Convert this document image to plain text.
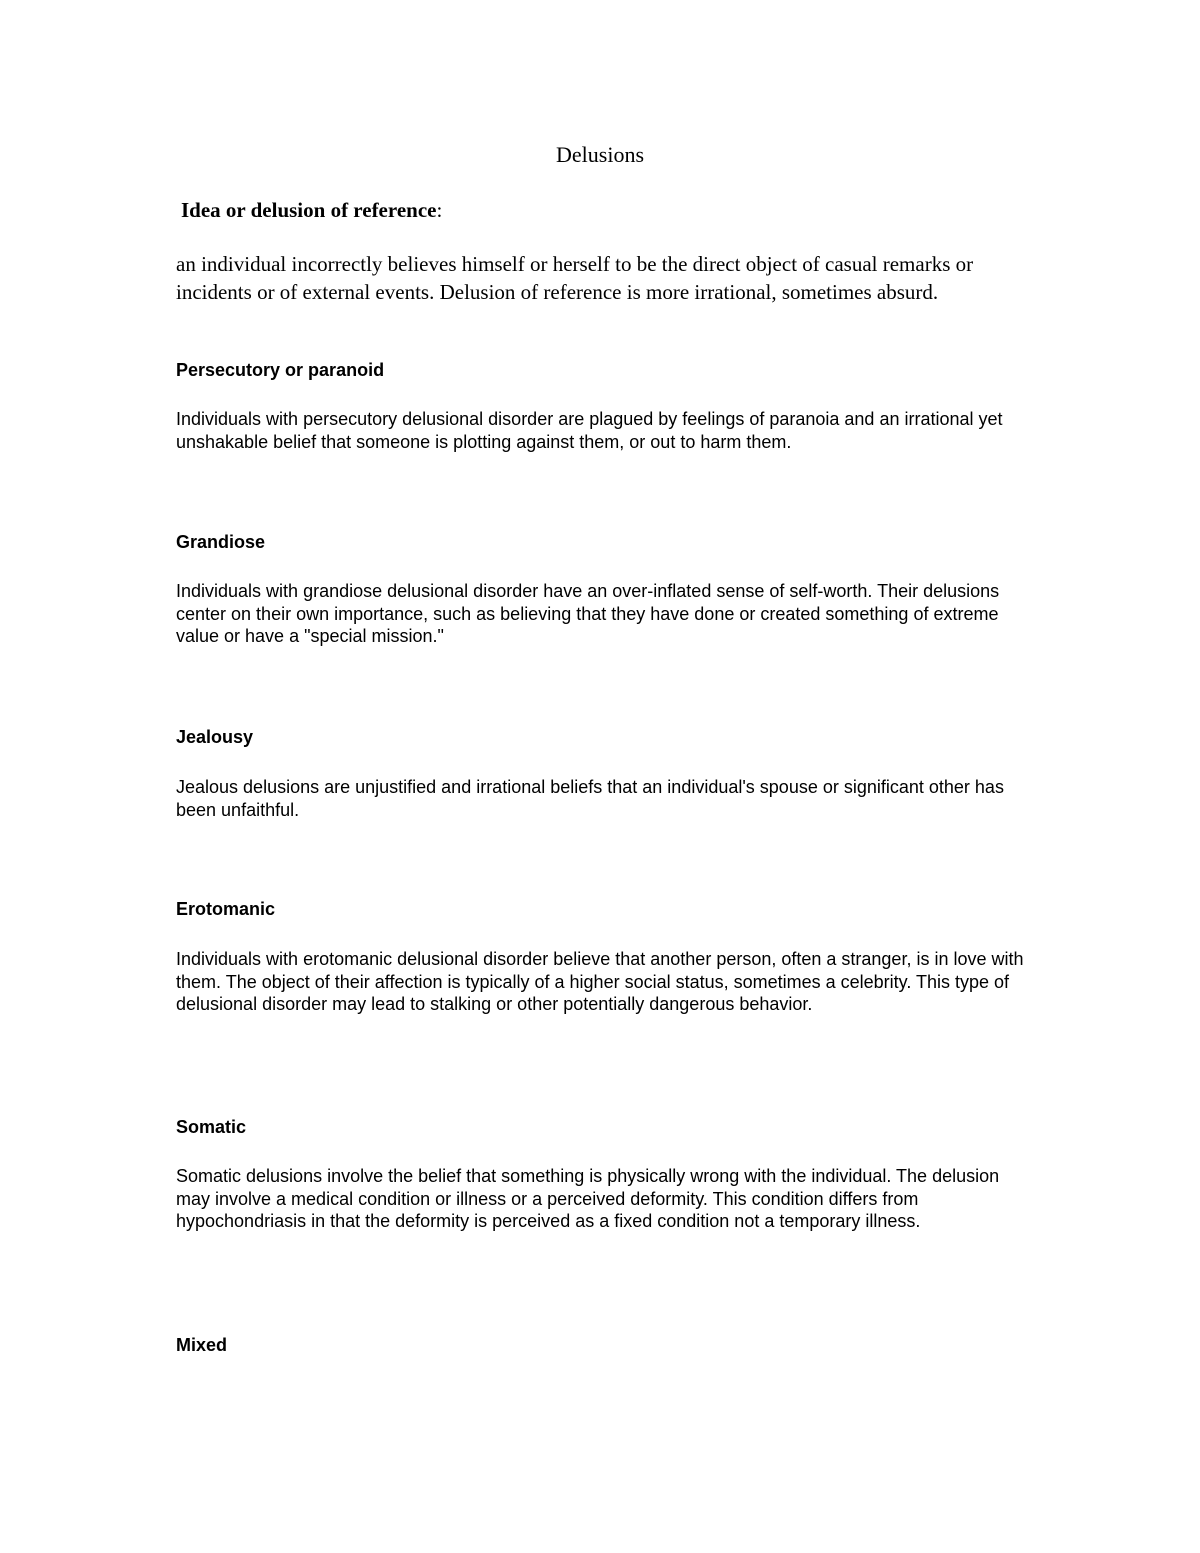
Delusions

Idea or delusion of reference:

an individual incorrectly believes himself or herself to be the direct object of casual remarks or incidents or of external events. Delusion of reference is more irrational, sometimes absurd.

Persecutory or paranoid

Individuals with persecutory delusional disorder are plagued by feelings of paranoia and an irrational yet unshakable belief that someone is plotting against them, or out to harm them.

Grandiose

Individuals with grandiose delusional disorder have an over-inflated sense of self-worth. Their delusions center on their own importance, such as believing that they have done or created something of extreme value or have a "special mission."

Jealousy

Jealous delusions are unjustified and irrational beliefs that an individual's spouse or significant other has been unfaithful.

Erotomanic

Individuals with erotomanic delusional disorder believe that another person, often a stranger, is in love with them. The object of their affection is typically of a higher social status, sometimes a celebrity. This type of delusional disorder may lead to stalking or other potentially dangerous behavior.

Somatic

Somatic delusions involve the belief that something is physically wrong with the individual. The delusion may involve a medical condition or illness or a perceived deformity. This condition differs from hypochondriasis in that the deformity is perceived as a fixed condition not a temporary illness.

Mixed
